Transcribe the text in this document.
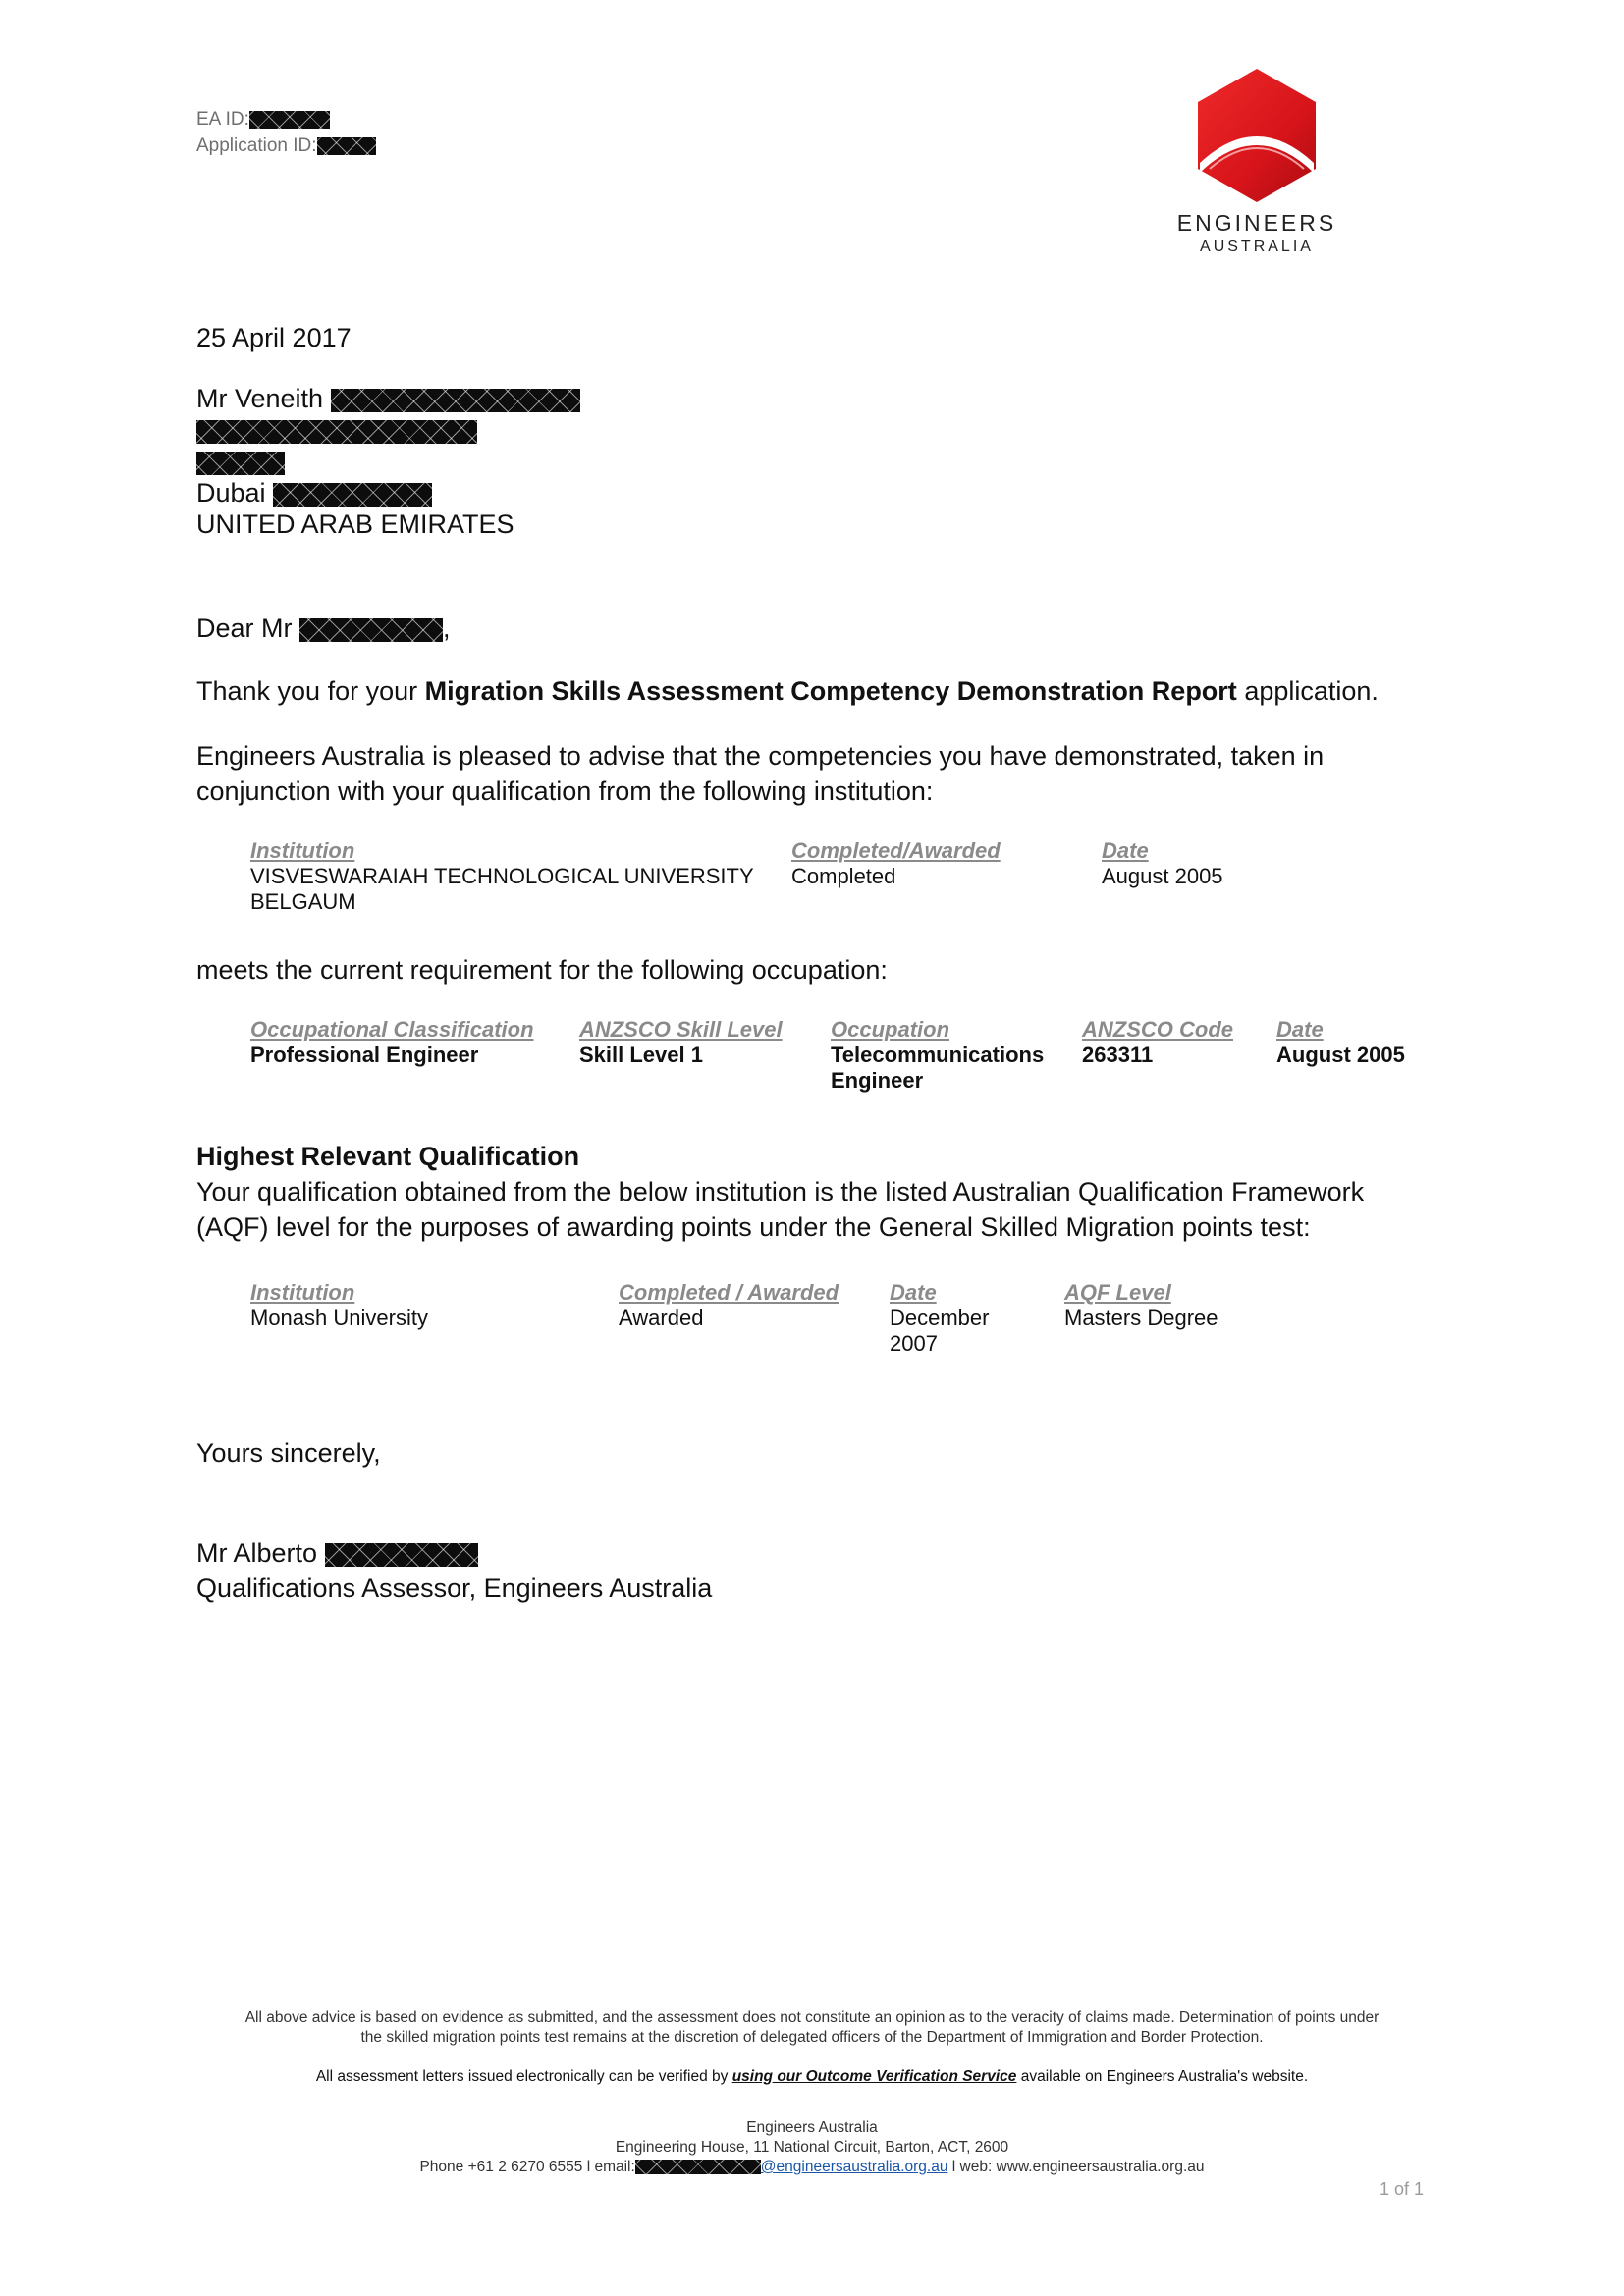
EA ID:
Application ID:
ENGINEERS
AUSTRALIA
25 April 2017
Mr Veneith
Dubai
UNITED ARAB EMIRATES
Dear Mr	,
Thank you for your Migration Skills Assessment Competency Demonstration Report application.
Engineers Australia is pleased to advise that the competencies you have demonstrated, taken in
conjunction with your qualification from the following institution:
Institution
VISVESWARAIAH TECHNOLOGICAL UNIVERSITY
BELGAUM
Completed/Awarded
Completed
Date
August 2005
meets the current requirement for the following occupation:
Occupational Classification
Professional Engineer
ANZSCO Skill Level
Skill Level 1
Occupation
Telecommunications
Engineer
ANZSCO Code
263311
Date
August 2005
Highest Relevant Qualification
Your qualification obtained from the below institution is the listed Australian Qualification Framework
(AQF) level for the purposes of awarding points under the General Skilled Migration points test:
Institution
Monash University
Completed / Awarded
Awarded
Date
December
2007
AQF Level
Masters Degree
Yours sincerely,
Mr Alberto
Qualifications Assessor, Engineers Australia
All above advice is based on evidence as submitted, and the assessment does not constitute an opinion as to the veracity of claims made. Determination of points under
the skilled migration points test remains at the discretion of delegated officers of the Department of Immigration and Border Protection.
All assessment letters issued electronically can be verified by using our Outcome Verification Service available on Engineers Australia's website.
Engineers Australia
Engineering House, 11 National Circuit, Barton, ACT, 2600
Phone +61 2 6270 6555 l email:	@engineersaustralia.org.au l web: www.engineersaustralia.org.au
1 of 1
